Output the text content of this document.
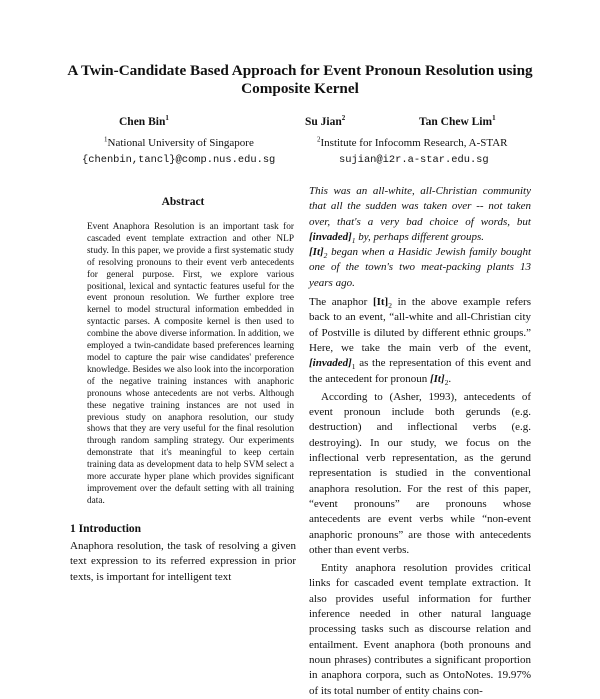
A Twin-Candidate Based Approach for Event Pronoun Resolution using Composite Kernel
Chen Bin$^1$	Su Jian$^2$	Tan Chew Lim$^1$
$^1$National University of Singapore	$^2$Institute for Infocomm Research, A-STAR
{chenbin,tancl}@comp.nus.edu.sg	sujian@i2r.a-star.edu.sg
Abstract
Event Anaphora Resolution is an important task for cascaded event template extraction and other NLP study. In this paper, we provide a first systematic study of resolving pronouns to their event verb antecedents for general purpose. First, we explore various positional, lexical and syntactic features useful for the event pronoun resolution. We further explore tree kernel to model structural information embedded in syntactic parses. A composite kernel is then used to combine the above diverse information. In addition, we employed a twin-candidate based preferences learning model to capture the pair wise candidates' preference knowledge. Besides we also look into the incorporation of the negative training instances with anaphoric pronouns whose antecedents are not verbs. Although these negative training instances are not used in previous study on anaphora resolution, our study shows that they are very useful for the final resolution through random sampling strategy. Our experiments demonstrate that it's meaningful to keep certain training data as development data to help SVM select a more accurate hyper plane which provides significant improvement over the default setting with all training data.
1 Introduction
Anaphora resolution, the task of resolving a given text expression to its referred expression in prior texts, is important for intelligent text
This was an all-white, all-Christian community that all the sudden was taken over -- not taken over, that's a very bad choice of words, but $[invaded]_1$ by, perhaps different groups.
$[It]_2$ began when a Hasidic Jewish family bought one of the town's two meat-packing plants 13 years ago.
The anaphor $[It]_2$ in the above example refers back to an event, “all-white and all-Christian city of Postville is diluted by different ethnic groups.” Here, we take the main verb of the event, $[invaded]_1$ as the representation of this event and the antecedent for pronoun $[It]_2$.
According to (Asher, 1993), antecedents of event pronoun include both gerunds (e.g. destruction) and inflectional verbs (e.g. destroying). In our study, we focus on the inflectional verb representation, as the gerund representation is studied in the conventional anaphora resolution. For the rest of this paper, “event pronouns” are pronouns whose antecedents are event verbs while “non-event anaphoric pronouns” are those with antecedents other than event verbs.
Entity anaphora resolution provides critical links for cascaded event template extraction. It also provides useful information for further inference needed in other natural language processing tasks such as discourse relation and entailment. Event anaphora (both pronouns and noun phrases) contributes a significant proportion in anaphora corpora, such as OntoNotes. 19.97% of its total number of entity chains con-
